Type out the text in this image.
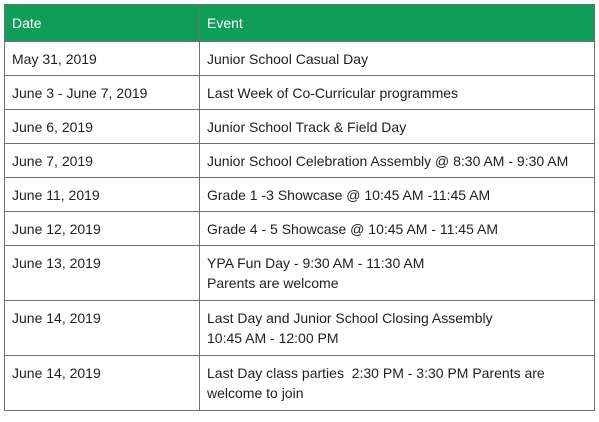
Date	Event
May 31, 2019	Junior School Casual Day

June 3 - June 7, 2019	Last Week of Co-Curricular programmes

June 6, 2019	Junior School Track & Field Day

June 7, 2019	Junior School Celebration Assembly @ 8:30 AM - 9:30 AM

June 11, 2019	Grade 1 -3 Showcase @ 10:45 AM -11:45 AM

June 12, 2019	Grade 4 - 5 Showcase @ 10:45 AM - 11:45 AM

June 13, 2019	YPA Fun Day - 9:30 AM - 11:30 AM
Parents are welcome

June 14, 2019	Last Day and Junior School Closing Assembly
10:45 AM - 12:00 PM

June 14, 2019	Last Day class parties  2:30 PM - 3:30 PM Parents are
welcome to join
